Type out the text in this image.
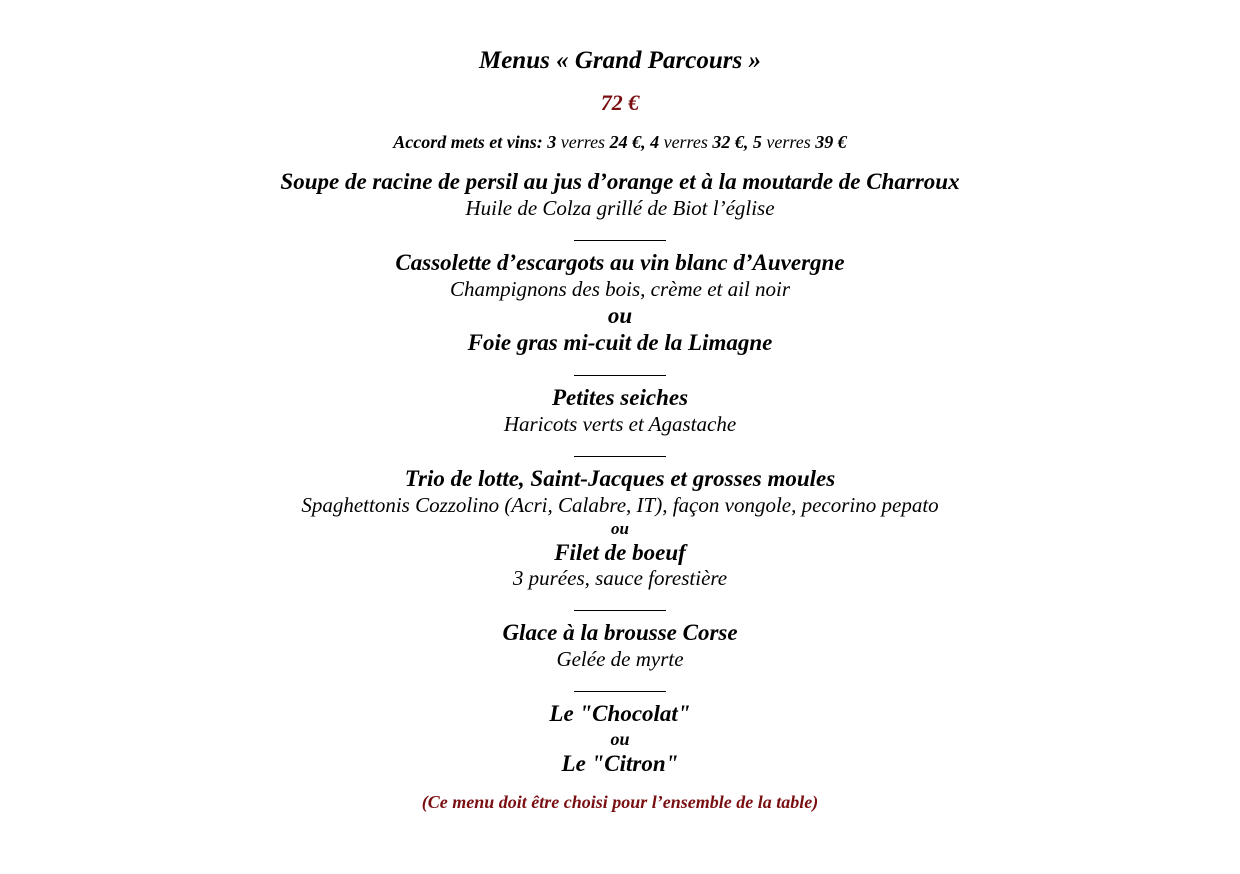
Menus « Grand Parcours »
72 €
Accord mets et vins: 3 verres 24 €, 4 verres 32 €, 5 verres 39 €
Soupe de racine de persil au jus d’orange et à la moutarde de Charroux
Huile de Colza grillé de Biot l’église
Cassolette d’escargots au vin blanc d’Auvergne
Champignons des bois, crème et ail noir
ou
Foie gras mi-cuit de la Limagne
Petites seiches
Haricots verts et Agastache
Trio de lotte, Saint-Jacques et grosses moules
Spaghettonis Cozzolino (Acri, Calabre, IT), façon vongole, pecorino pepato
ou
Filet de boeuf
3 purées, sauce forestière
Glace à la brousse Corse
Gelée de myrte
Le "Chocolat"
ou
Le "Citron"
(Ce menu doit être choisi pour l’ensemble de la table)
